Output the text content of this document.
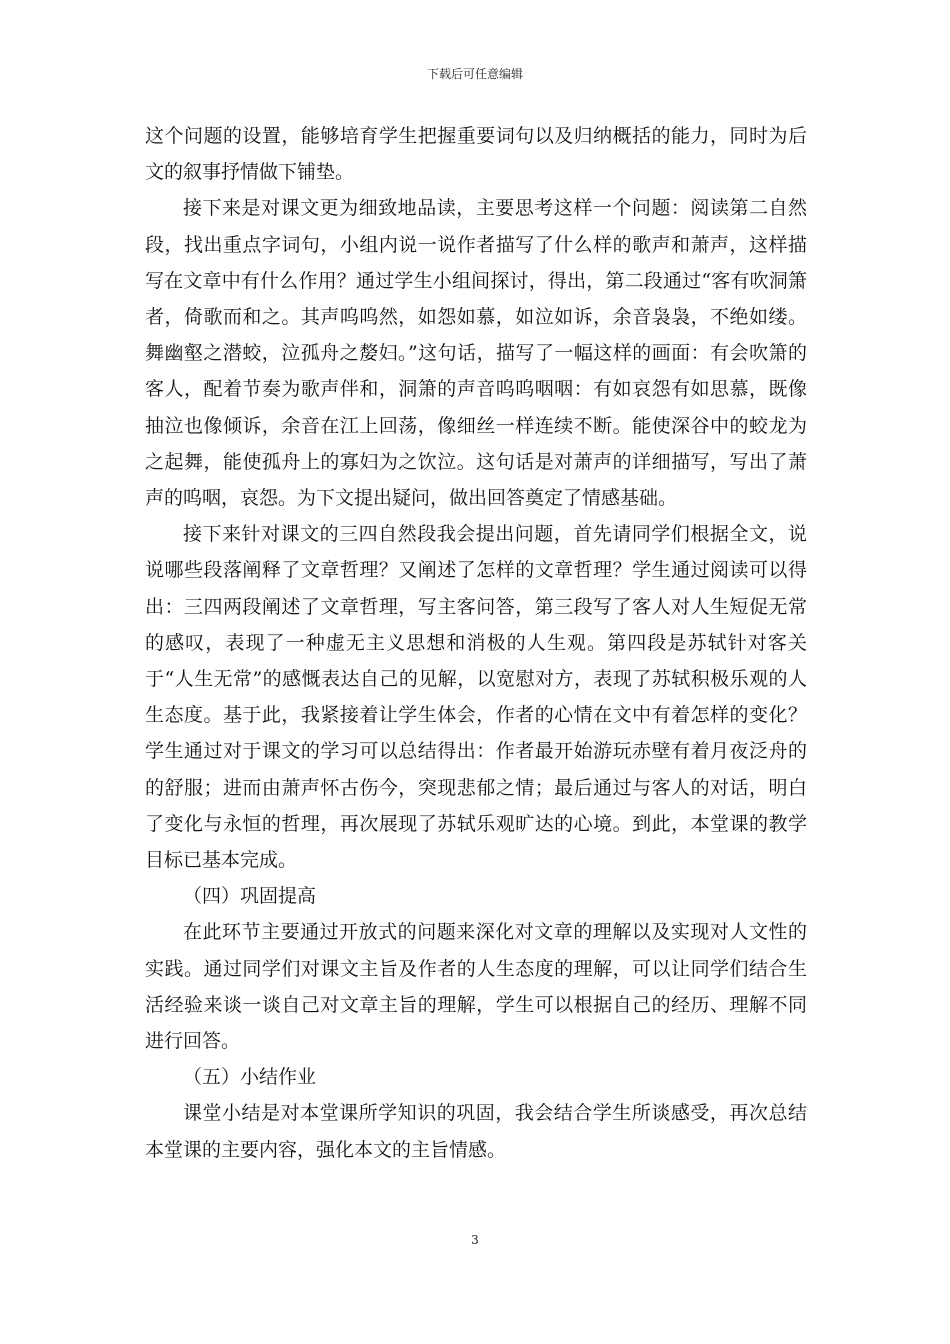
下载后可任意编辑

这个问题的设置，能够培育学生把握重要词句以及归纳概括的能力，同时为后文的叙事抒情做下铺垫。

接下来是对课文更为细致地品读，主要思考这样一个问题：阅读第二自然段，找出重点字词句，小组内说一说作者描写了什么样的歌声和萧声，这样描写在文章中有什么作用？通过学生小组间探讨，得出，第二段通过“客有吹洞箫者，倚歌而和之。其声呜呜然，如怨如慕，如泣如诉，余音袅袅，不绝如缕。舞幽壑之潜蛟，泣孤舟之嫠妇。”这句话，描写了一幅这样的画面：有会吹箫的客人，配着节奏为歌声伴和，洞箫的声音呜呜咽咽：有如哀怨有如思慕，既像抽泣也像倾诉，余音在江上回荡，像细丝一样连续不断。能使深谷中的蛟龙为之起舞，能使孤舟上的寡妇为之饮泣。这句话是对萧声的详细描写，写出了萧声的呜咽，哀怨。为下文提出疑问，做出回答奠定了情感基础。

接下来针对课文的三四自然段我会提出问题，首先请同学们根据全文，说说哪些段落阐释了文章哲理？又阐述了怎样的文章哲理？学生通过阅读可以得出：三四两段阐述了文章哲理，写主客问答，第三段写了客人对人生短促无常的感叹，表现了一种虚无主义思想和消极的人生观。第四段是苏轼针对客关于“人生无常”的感慨表达自己的见解，以宽慰对方，表现了苏轼积极乐观的人生态度。基于此，我紧接着让学生体会，作者的心情在文中有着怎样的变化？学生通过对于课文的学习可以总结得出：作者最开始游玩赤壁有着月夜泛舟的的舒服；进而由萧声怀古伤今，突现悲郁之情；最后通过与客人的对话，明白了变化与永恒的哲理，再次展现了苏轼乐观旷达的心境。到此，本堂课的教学目标已基本完成。

（四）巩固提高

在此环节主要通过开放式的问题来深化对文章的理解以及实现对人文性的实践。通过同学们对课文主旨及作者的人生态度的理解，可以让同学们结合生活经验来谈一谈自己对文章主旨的理解，学生可以根据自己的经历、理解不同进行回答。

（五）小结作业

课堂小结是对本堂课所学知识的巩固，我会结合学生所谈感受，再次总结本堂课的主要内容，强化本文的主旨情感。

3
